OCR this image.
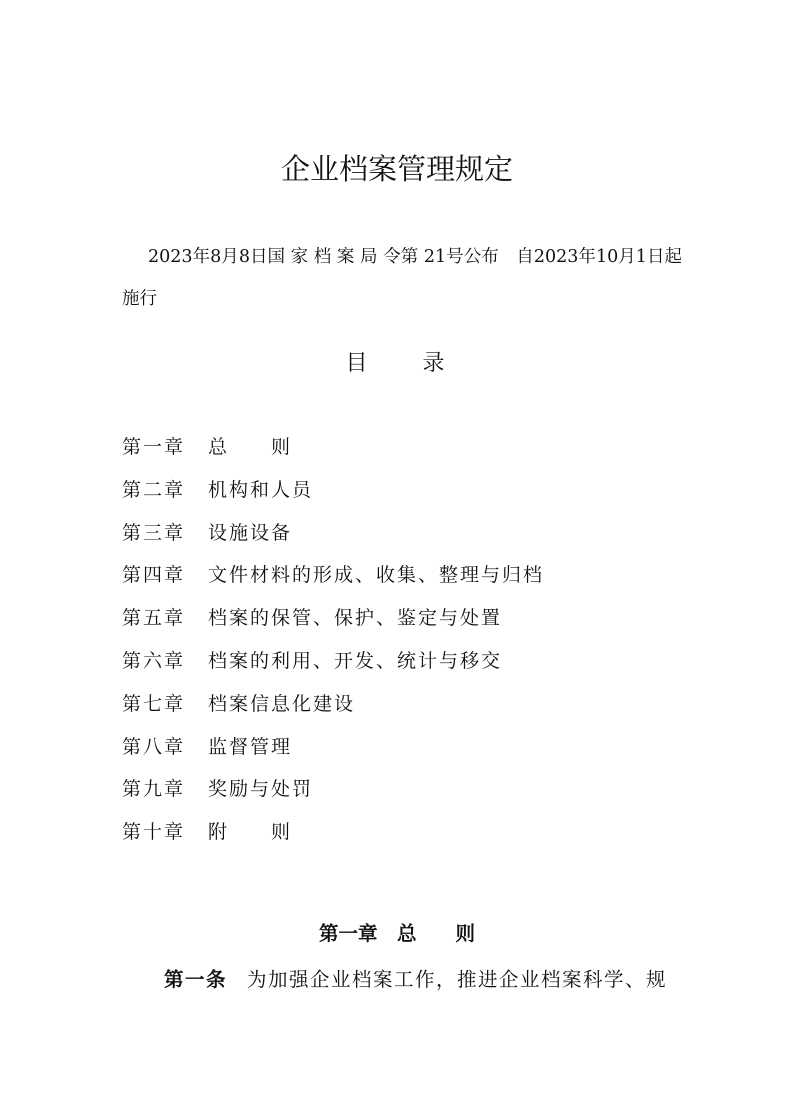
企业档案管理规定

2023年8月8日国 家 档 案 局 令第 21号公布　自2023年10月1日起施行

目 录
第一章 总　　则
第二章 机构和人员
第三章 设施设备
第四章 文件材料的形成、收集、整理与归档
第五章 档案的保管、保护、鉴定与处置
第六章 档案的利用、开发、统计与移交
第七章 档案信息化建设
第八章 监督管理
第九章 奖励与处罚
第十章 附　　则
第一章　总　　则

第一条 为加强企业档案工作，推进企业档案科学、规
